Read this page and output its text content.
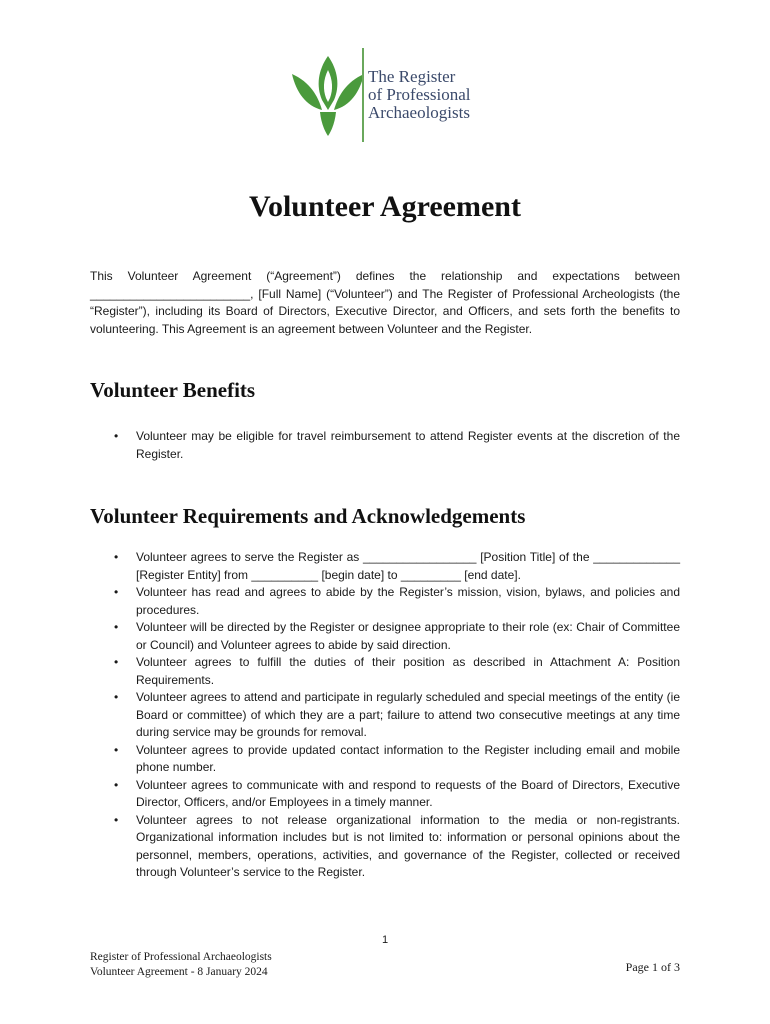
The Register
of Professional
Archaeologists
Volunteer Agreement

This Volunteer Agreement (“Agreement”) defines the relationship and expectations between ________________________, [Full Name] (“Volunteer”) and The Register of Professional Archeologists (the “Register”), including its Board of Directors, Executive Director, and Officers, and sets forth the benefits to volunteering. This Agreement is an agreement between Volunteer and the Register.

Volunteer Benefits
• Volunteer may be eligible for travel reimbursement to attend Register events at the discretion of the Register.
Volunteer Requirements and Acknowledgements
• Volunteer agrees to serve the Register as _________________ [Position Title] of the _____________ [Register Entity] from __________ [begin date] to _________ [end date].
• Volunteer has read and agrees to abide by the Register’s mission, vision, bylaws, and policies and procedures.
• Volunteer will be directed by the Register or designee appropriate to their role (ex: Chair of Committee or Council) and Volunteer agrees to abide by said direction.
• Volunteer agrees to fulfill the duties of their position as described in Attachment A: Position Requirements.
• Volunteer agrees to attend and participate in regularly scheduled and special meetings of the entity (ie Board or committee) of which they are a part; failure to attend two consecutive meetings at any time during service may be grounds for removal.
• Volunteer agrees to provide updated contact information to the Register including email and mobile phone number.
• Volunteer agrees to communicate with and respond to requests of the Board of Directors, Executive Director, Officers, and/or Employees in a timely manner.
• Volunteer agrees to not release organizational information to the media or non-registrants. Organizational information includes but is not limited to: information or personal opinions about the personnel, members, operations, activities, and governance of the Register, collected or received through Volunteer’s service to the Register.
1
Register of Professional Archaeologists
Volunteer Agreement - 8 January 2024	Page 1 of 3
